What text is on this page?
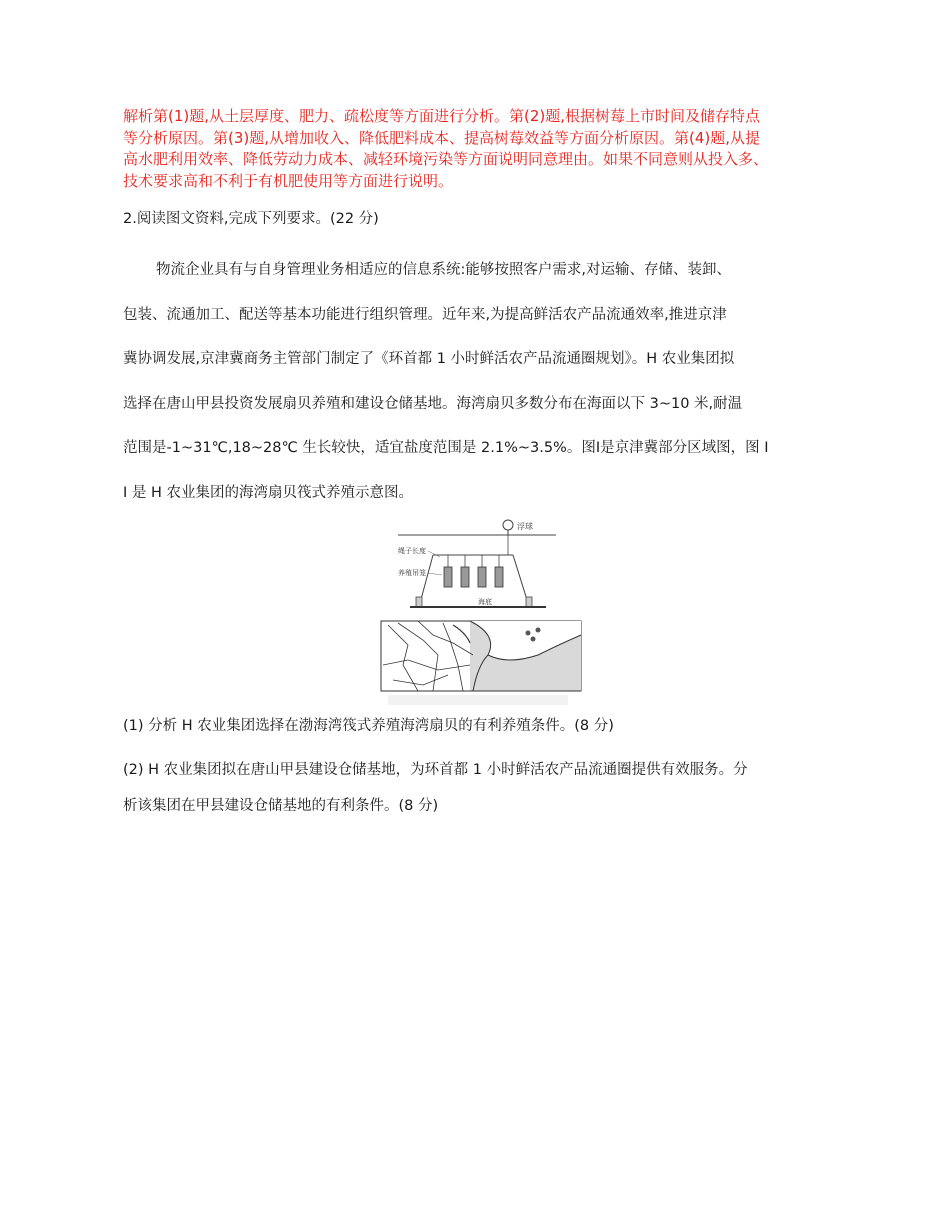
解析第(1)题,从土层厚度、肥力、疏松度等方面进行分析。第(2)题,根据树莓上市时间及储存特点

等分析原因。第(3)题,从增加收入、降低肥料成本、提高树莓效益等方面分析原因。第(4)题,从提

高水肥利用效率、降低劳动力成本、减轻环境污染等方面说明同意理由。如果不同意则从投入多、

技术要求高和不利于有机肥使用等方面进行说明。

2.阅读图文资料,完成下列要求。(22 分)

物流企业具有与自身管理业务相适应的信息系统:能够按照客户需求,对运输、存储、装卸、

包装、流通加工、配送等基本功能进行组织管理。近年来,为提高鲜活农产品流通效率,推进京津

冀协调发展,京津冀商务主管部门制定了《环首都 1 小时鲜活农产品流通圈规划》。H 农业集团拟

选择在唐山甲县投资发展扇贝养殖和建设仓储基地。海湾扇贝多数分布在海面以下 3~10 米,耐温

范围是-1~31℃,18~28℃ 生长较快，适宜盐度范围是 2.1%~3.5%。图Ⅰ是京津冀部分区域图，图 I

I 是 H 农业集团的海湾扇贝筏式养殖示意图。

浮球
绳子长度
养殖吊笼
海底

(1) 分析 H 农业集团选择在渤海湾筏式养殖海湾扇贝的有利养殖条件。(8 分)

(2) H 农业集团拟在唐山甲县建设仓储基地，为环首都 1 小时鲜活农产品流通圈提供有效服务。分

析该集团在甲县建设仓储基地的有利条件。(8 分)
